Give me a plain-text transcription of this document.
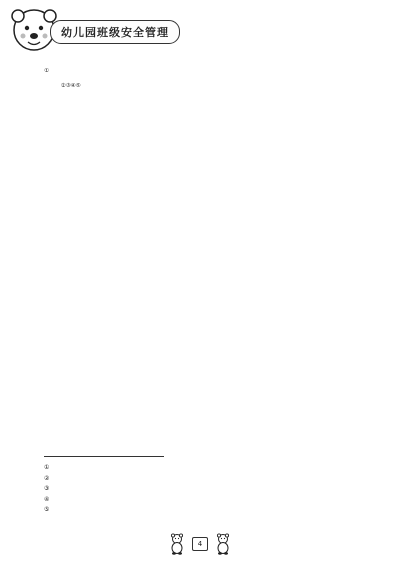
幼儿园班级安全管理

①

②③④⑤

①
②
③
④
⑤
4
